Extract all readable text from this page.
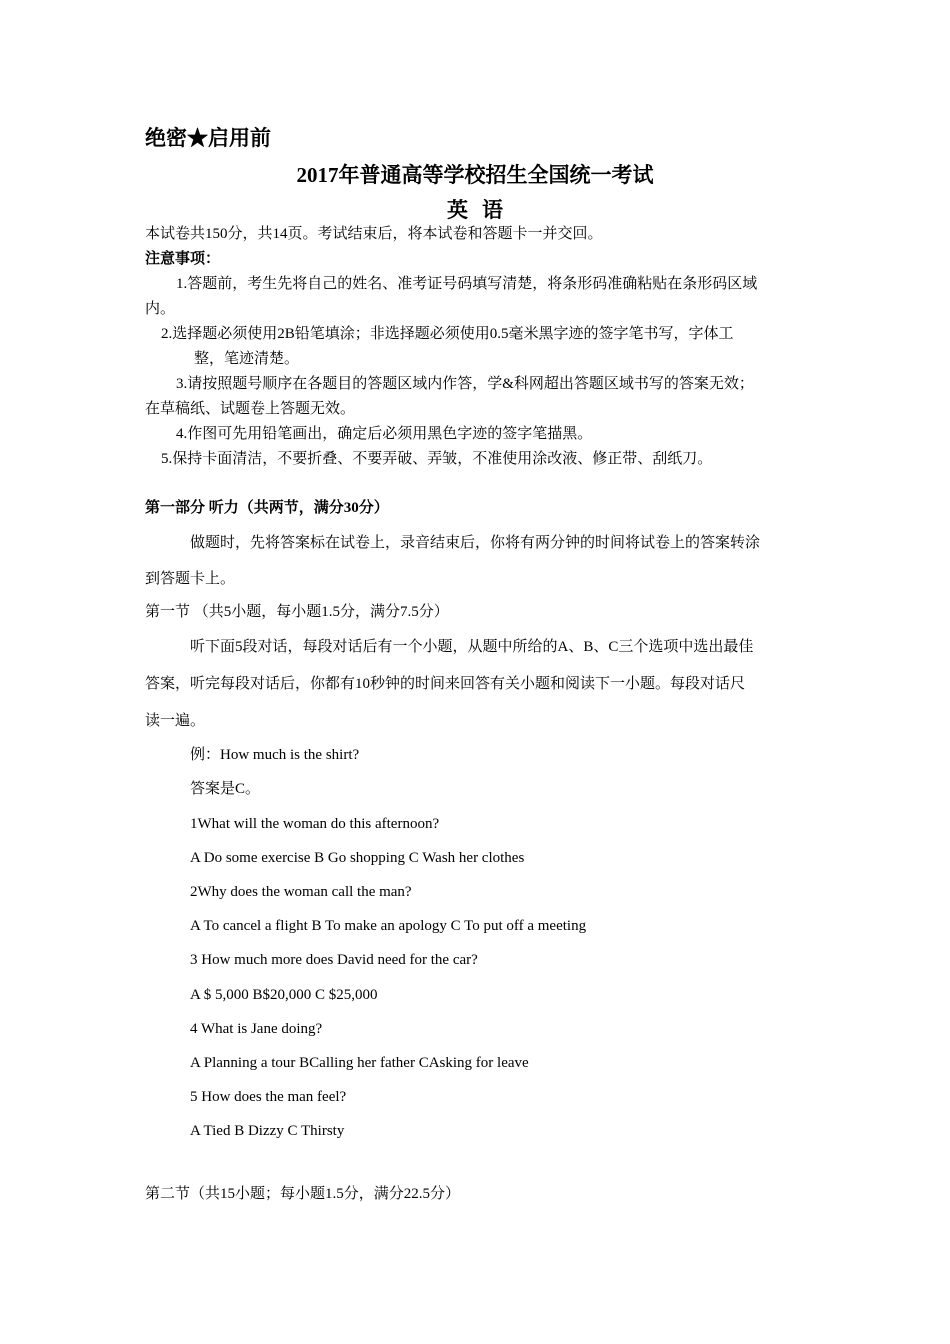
绝密★启用前
2017年普通高等学校招生全国统一考试
英语
本试卷共150分，共14页。考试结束后，将本试卷和答题卡一并交回。
注意事项：
1.答题前，考生先将自己的姓名、准考证号码填写清楚，将条形码准确粘贴在条形码区域
内。
2.选择题必须使用2B铅笔填涂；非选择题必须使用0.5毫米黑字迹的签字笔书写，字体工
整，笔迹清楚。
3.请按照题号顺序在各题目的答题区域内作答，学&科网超出答题区域书写的答案无效；
在草稿纸、试题卷上答题无效。
4.作图可先用铅笔画出，确定后必须用黑色字迹的签字笔描黑。
5.保持卡面清洁，不要折叠、不要弄破、弄皱，不准使用涂改液、修正带、刮纸刀。
第一部分 听力（共两节，满分30分）
做题时，先将答案标在试卷上，录音结束后，你将有两分钟的时间将试卷上的答案转涂
到答题卡上。
第一节 （共5小题，每小题1.5分，满分7.5分）
听下面5段对话，每段对话后有一个小题，从题中所给的A、B、C三个选项中选出最佳
答案，听完每段对话后，你都有10秒钟的时间来回答有关小题和阅读下一小题。每段对话尺
读一遍。
例：How much is the shirt?
答案是C。
1What will the woman do this afternoon?
A Do some exercise B Go shopping C Wash her clothes
2Why does the woman call the man?
A To cancel a flight B To make an apology C To put off a meeting
3 How much more does David need for the car?
A $ 5,000 B$20,000 C $25,000
4 What is Jane doing?
A Planning a tour BCalling her father CAsking for leave
5 How does the man feel?
A Tied B Dizzy C Thirsty
第二节（共15小题；每小题1.5分，满分22.5分）
